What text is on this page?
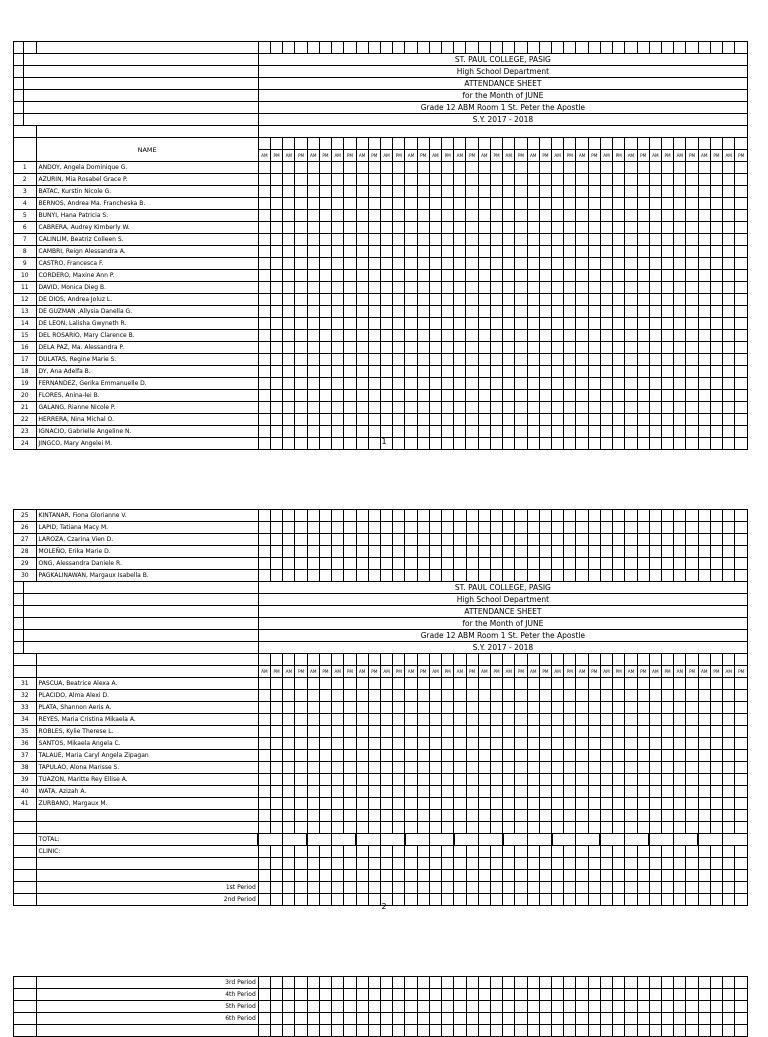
			ST. PAUL COLLEGE, PASIG																																							
			High School Department																																							
			ATTENDANCE SHEET																																							
			for the Month of JUNE																																							
			Grade 12 ABM Room 1 St. Peter the Apostle																																							
			S.Y. 2017 - 2018																																							

		NAME																																								
			AM	PM	AM	PM	AM	PM	AM	PM	AM	PM	AM	PM	AM	PM	AM	PM	AM	PM	AM	PM	AM	PM	AM	PM	AM	PM	AM	PM	AM	PM	AM	PM	AM	PM	AM	PM	AM	PM	AM	PM
1		ANDOY, Angela Dominique G.																																								
2		AZURIN, Mia Rosabel Grace P.																																								
3		BATAC, Kurstin Nicole G.																																								
4		BERNOS, Andrea Ma. Francheska B.																																								
5		BUNYI, Hana Patricia S.																																								
6		CABRERA, Audrey Kimberly W.																																								
7		CALINLIM, Beatriz Colleen S.																																								
8		CAMBRI, Reign Alessandra A.																																								
9		CASTRO, Francesca F.																																								
10		CORDERO, Maxine Ann P.																																								
11		DAVID, Monica Dieg B.																																								
12		DE DIOS, Andrea Joluz L.																																								
13		DE GUZMAN ,Allysia Danella G.																																								
14		DE LEON, Lalisha Gwyneth R.																																								
15		DEL ROSARIO, Mary Clarence B.																																								
16		DELA PAZ, Ma. Alessandra P.																																								
17		DULATAS, Regine Marie S.																																								
18		DY, Ana Adelfa B.																																								
19		FERNANDEZ, Gerika Emmanuelle D.																																								
20		FLORES, Anina-lei B.																																								
21		GALANG, Rianne Nicole P.																																								
22		HERRERA, Nina Michal O.																																								
23		IGNACIO, Gabrielle Angeline N.																																								
24		JINGCO, Mary Angelei M.																																									1
25		KINTANAR, Fiona Glorianne V.																																								
26		LAPID, Tatiana Macy M.																																								
27		LAROZA, Czarina Vien D.																																								
28		MOLEÑO, Erika Marie D.																																								
29		ONG, Alessandra Daniele R.																																								
30		PAGKALINAWAN, Margaux Isabella B.																																								
			ST. PAUL COLLEGE, PASIG																																							
			High School Department																																							
			ATTENDANCE SHEET																																							
			for the Month of JUNE																																							
			Grade 12 ABM Room 1 St. Peter the Apostle																																							
			S.Y. 2017 - 2018																																							

			AM	PM	AM	PM	AM	PM	AM	PM	AM	PM	AM	PM	AM	PM	AM	PM	AM	PM	AM	PM	AM	PM	AM	PM	AM	PM	AM	PM	AM	PM	AM	PM	AM	PM	AM	PM	AM	PM	AM	PM
31		PASCUA, Beatrice Alexa A.																																								
32		PLACIDO, Alma Alexi D.																																								
33		PLATA, Shannon Aeris A.																																								
34		REYES, Maria Cristina Mikaela A.																																								
35		ROBLES, Kylie Therese L.																																								
36		SANTOS, Mikaela Angela C.																																								
37		TALAUE, Maria Caryl Angela Zipagan																																								
38		TAPULAO, Alona Marisse S.																																								
39		TUAZON, Maritte Rey Ellise A.																																								
40		WATA, Azizah A.																																								
41		ZURBANO, Margaux M.																																								

		TOTAL:																																								
		CLINIC:																																								

		1st Period																																								
		2nd Period																																								
2
	3rd Period																																								
	4th Period																																								
	5th Period																																								
	6th Period																																								
